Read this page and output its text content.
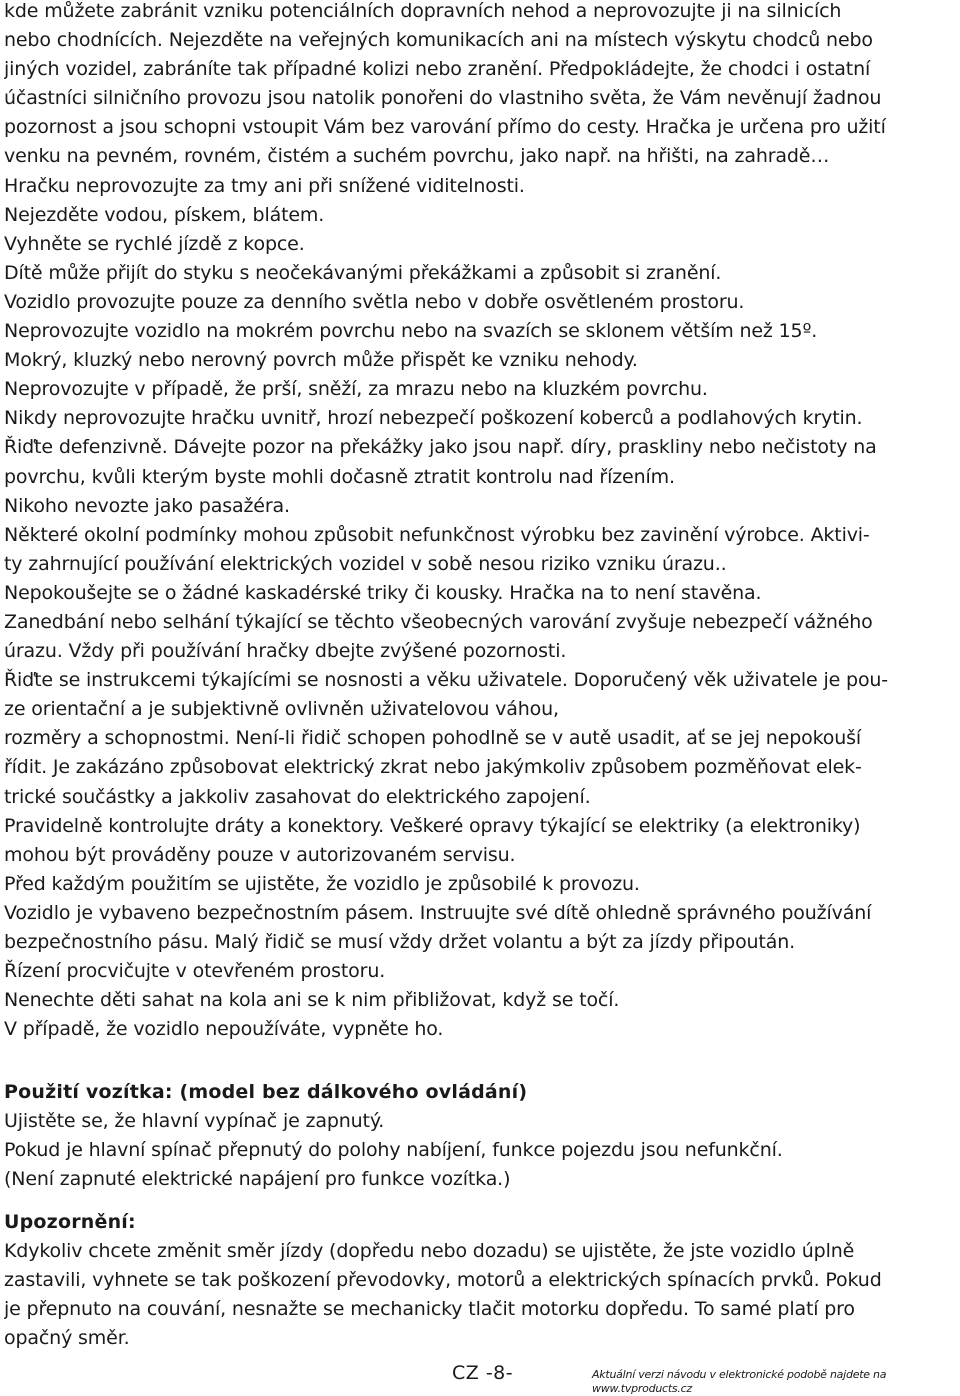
kde můžete zabránit vzniku potenciálních dopravních nehod a neprovozujte ji na silnicích
nebo chodnících. Nejezděte na veřejných komunikacích ani na místech výskytu chodců nebo
jiných vozidel, zabráníte tak případné kolizi nebo zranění. Předpokládejte, že chodci i ostatní
účastníci silničního provozu jsou natolik ponořeni do vlastniho světa, že Vám nevěnují žadnou
pozornost a jsou schopni vstoupit Vám bez varování přímo do cesty. Hračka je určena pro užití
venku na pevném, rovném, čistém a suchém povrchu, jako např. na hřišti, na zahradě…
Hračku neprovozujte za tmy ani při snížené viditelnosti.
Nejezděte vodou, pískem, blátem.
Vyhněte se rychlé jízdě z kopce.
Dítě může přijít do styku s neočekávanými překážkami a způsobit si zranění.
Vozidlo provozujte pouze za denního světla nebo v dobře osvětleném prostoru.
Neprovozujte vozidlo na mokrém povrchu nebo na svazích se sklonem větším než 15º.
Mokrý, kluzký nebo nerovný povrch může přispět ke vzniku nehody.
Neprovozujte v případě, že prší, sněží, za mrazu nebo na kluzkém povrchu.
Nikdy neprovozujte hračku uvnitř, hrozí nebezpečí poškození koberců a podlahových krytin.
Řiďte defenzivně. Dávejte pozor na překážky jako jsou např. díry, praskliny nebo nečistoty na
povrchu, kvůli kterým byste mohli dočasně ztratit kontrolu nad řízením.
Nikoho nevozte jako pasažéra.
Některé okolní podmínky mohou způsobit nefunkčnost výrobku bez zavinění výrobce. Aktivi-
ty zahrnující používání elektrických vozidel v sobě nesou riziko vzniku úrazu..
Nepokoušejte se o žádné kaskadérské triky či kousky. Hračka na to není stavěna.
Zanedbání nebo selhání týkající se těchto všeobecných varování zvyšuje nebezpečí vážného
úrazu. Vždy při používání hračky dbejte zvýšené pozornosti.
Řiďte se instrukcemi týkajícími se nosnosti a věku uživatele. Doporučený věk uživatele je pou-
ze orientační a je subjektivně ovlivněn uživatelovou váhou,
rozměry a schopnostmi. Není-li řidič schopen pohodlně se v autě usadit, ať se jej nepokouší
řídit. Je zakázáno způsobovat elektrický zkrat nebo jakýmkoliv způsobem pozměňovat elek-
trické součástky a jakkoliv zasahovat do elektrického zapojení.
Pravidelně kontrolujte dráty a konektory. Veškeré opravy týkající se elektriky (a elektroniky)
mohou být prováděny pouze v autorizovaném servisu.
Před každým použitím se ujistěte, že vozidlo je způsobilé k provozu.
Vozidlo je vybaveno bezpečnostním pásem. Instruujte své dítě ohledně správného používání
bezpečnostního pásu. Malý řidič se musí vždy držet volantu a být za jízdy připoután.
Řízení procvičujte v otevřeném prostoru.
Nenechte děti sahat na kola ani se k nim přibližovat, když se točí.
V případě, že vozidlo nepoužíváte, vypněte ho.

Použití vozítka: (model bez dálkového ovládání)

Ujistěte se, že hlavní vypínač je zapnutý.
Pokud je hlavní spínač přepnutý do polohy nabíjení, funkce pojezdu jsou nefunkční.
(Není zapnuté elektrické napájení pro funkce vozítka.)

Upozornění:

Kdykoliv chcete změnit směr jízdy (dopředu nebo dozadu) se ujistěte, že jste vozidlo úplně
zastavili, vyhnete se tak poškození převodovky, motorů a elektrických spínacích prvků. Pokud
je přepnuto na couvání, nesnažte se mechanicky tlačit motorku dopředu. To samé platí pro
opačný směr.
CZ -8-	Aktuální verzi návodu v elektronické podobě najdete na www.tvproducts.cz
